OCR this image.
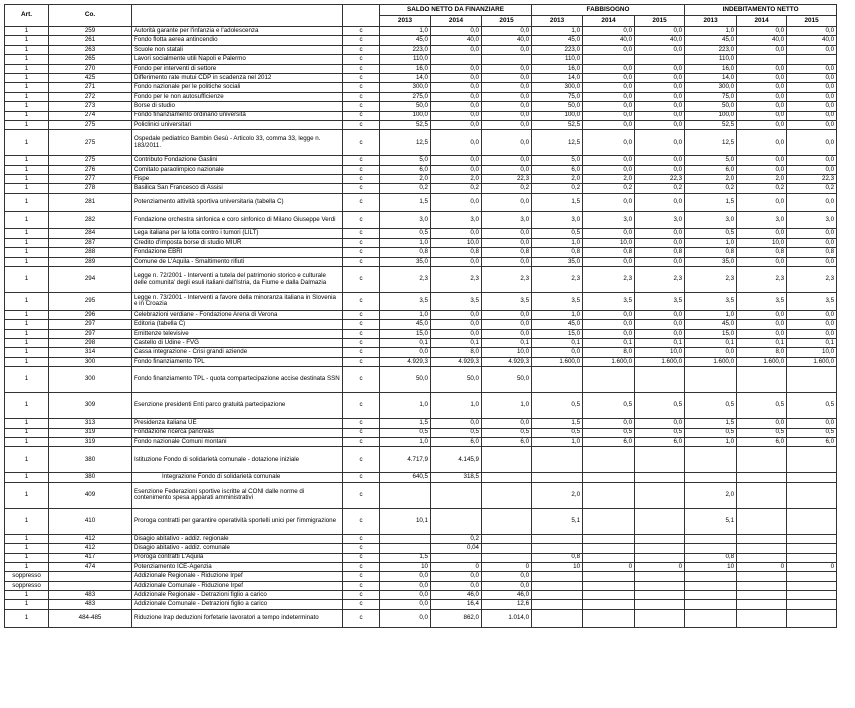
Art.	Co.			SALDO NETTO DA FINANZIARE			FABBISOGNO			INDEBITAMENTO NETTO		
				2013	2014	2015	2013	2014	2015	2013	2014	2015
1	259	Autorità garante per l'infanzia e l'adolescenza	c	1,0	0,0	0,0	1,0	0,0	0,0	1,0	0,0	0,0
1	261	Fondo flotta aerea antincendio	c	45,0	40,0	40,0	45,0	40,0	40,0	45,0	40,0	40,0
1	263	Scuole non statali	c	223,0	0,0	0,0	223,0	0,0	0,0	223,0	0,0	0,0
1	265	Lavori socialmente utili Napoli e Palermo	c	110,0			110,0			110,0		
1	270	Fondo per interventi di settore	c	16,0	0,0	0,0	16,0	0,0	0,0	16,0	0,0	0,0
1	425	Differimento rate mutui CDP in scadenza nel 2012	c	14,0	0,0	0,0	14,0	0,0	0,0	14,0	0,0	0,0
1	271	Fondo nazionale per le politiche sociali	c	300,0	0,0	0,0	300,0	0,0	0,0	300,0	0,0	0,0
1	272	Fondo per le non autosufficienze	c	275,0	0,0	0,0	75,0	0,0	0,0	75,0	0,0	0,0
1	273	Borse di studio	c	50,0	0,0	0,0	50,0	0,0	0,0	50,0	0,0	0,0
1	274	Fondo finanziamento ordinario università	c	100,0	0,0	0,0	100,0	0,0	0,0	100,0	0,0	0,0
1	275	Policlinici universitari	c	52,5	0,0	0,0	52,5	0,0	0,0	52,5	0,0	0,0
1	275	Ospedale pediatrico Bambin Gesù - Articolo 33, comma 33, legge n. 183/2011.	c	12,5	0,0	0,0	12,5	0,0	0,0	12,5	0,0	0,0
1	275	Contributo Fondazione Gaslini	c	5,0	0,0	0,0	5,0	0,0	0,0	5,0	0,0	0,0
1	276	Comitato paraolimpico nazionale	c	6,0	0,0	0,0	6,0	0,0	0,0	6,0	0,0	0,0
1	277	Fispe	c	2,0	2,0	22,3	2,0	2,0	22,3	2,0	2,0	22,3
1	278	Basilica San Francesco di Assisi	c	0,2	0,2	0,2	0,2	0,2	0,2	0,2	0,2	0,2
1	281	Potenziamento attività sportiva universitaria (tabella C)	c	1,5	0,0	0,0	1,5	0,0	0,0	1,5	0,0	0,0
1	282	Fondazione orchestra sinfonica e coro sinfonico di Milano Giuseppe Verdi	c	3,0	3,0	3,0	3,0	3,0	3,0	3,0	3,0	3,0
1	284	Lega italiana per la lotta contro i tumori (LILT)	c	0,5	0,0	0,0	0,5	0,0	0,0	0,5	0,0	0,0
1	287	Credito d'imposta borse di studio MIUR	c	1,0	10,0	0,0	1,0	10,0	0,0	1,0	10,0	0,0
1	288	Fondazione EBRI	c	0,8	0,8	0,8	0,8	0,8	0,8	0,8	0,8	0,8
1	289	Comune de L'Aquila - Smaltimento rifiuti	c	35,0	0,0	0,0	35,0	0,0	0,0	35,0	0,0	0,0
1	294	Legge n. 72/2001 - Interventi a tutela del patrimonio storico e culturale delle comunita' degli esuli italiani dall'Istria, da Fiume e dalla Dalmazia	c	2,3	2,3	2,3	2,3	2,3	2,3	2,3	2,3	2,3
1	295	Legge n. 73/2001 - Interventi a favore della minoranza italiana in Slovenia e in Croazia	c	3,5	3,5	3,5	3,5	3,5	3,5	3,5	3,5	3,5
1	296	Celebrazioni verdiane - Fondazione Arena di Verona	c	1,0	0,0	0,0	1,0	0,0	0,0	1,0	0,0	0,0
1	297	Editoria (tabella C)	c	45,0	0,0	0,0	45,0	0,0	0,0	45,0	0,0	0,0
1	297	Emittenze televisive	c	15,0	0,0	0,0	15,0	0,0	0,0	15,0	0,0	0,0
1	298	Castello di Udine - FVG	c	0,1	0,1	0,1	0,1	0,1	0,1	0,1	0,1	0,1
1	314	Cassa integrazione - Crisi grandi aziende	c	0,0	8,0	10,0	0,0	8,0	10,0	0,0	8,0	10,0
1	300	Fondo finanziamento TPL	c	4.929,3	4.929,3	4.929,3	1.600,0	1.600,0	1.600,0	1.600,0	1.600,0	1.600,0
1	300	Fondo finanziamento TPL - quota compartecipazione accise destinata SSN	c	50,0	50,0	50,0						
1	309	Esenzione presidenti Enti parco gratuità partecipazione	c	1,0	1,0	1,0	0,5	0,5	0,5	0,5	0,5	0,5
1	313	Presidenza italiana UE	c	1,5	0,0	0,0	1,5	0,0	0,0	1,5	0,0	0,0
1	319	Fondazione ricerca pancreas	c	0,5	0,5	0,5	0,5	0,5	0,5	0,5	0,5	0,5
1	319	Fondo nazionale Comuni montani	c	1,0	6,0	6,0	1,0	6,0	6,0	1,0	6,0	6,0
1	380	Istituzione Fondo di solidarietà comunale - dotazione iniziale	c	4.717,9	4.145,9							
1	380	Integrazione Fondo di solidarietà comunale	c	640,5	318,5							
1	409	Esenzione Federazioni sportive iscritte al CONI dalle norme di contenimento spesa apparati amministrativi	c				2,0			2,0		
1	410	Proroga contratti per garantire operatività sportelli unici per l'immigrazione	c	10,1			5,1			5,1		
1	412	Disagio abitativo - addiz. regionale	c		0,2							
1	412	Disagio abitativo - addiz. comunale	c		0,04							
1	417	Proroga contratti L'Aquila	c	1,5			0,8			0,8		
1	474	Potenziamento ICE-Agenzia	c	10	0	0	10	0	0	10	0	0
soppresso		Addizionale Regionale - Riduzione Irpef	c	0,0	0,0	0,0						
soppresso		Addizionale Comunale - Riduzione Irpef	c	0,0	0,0	0,0						
1	483	Addizionale Regionale - Detrazioni figlio a carico	c	0,0	46,0	46,0						
1	483	Addizionale Comunale - Detrazioni figlio a carico	c	0,0	16,4	12,6						
1	484-485	Riduzione Irap deduzioni forfetarie lavoratori a tempo indeterminato	c	0,0	862,0	1.014,0						
